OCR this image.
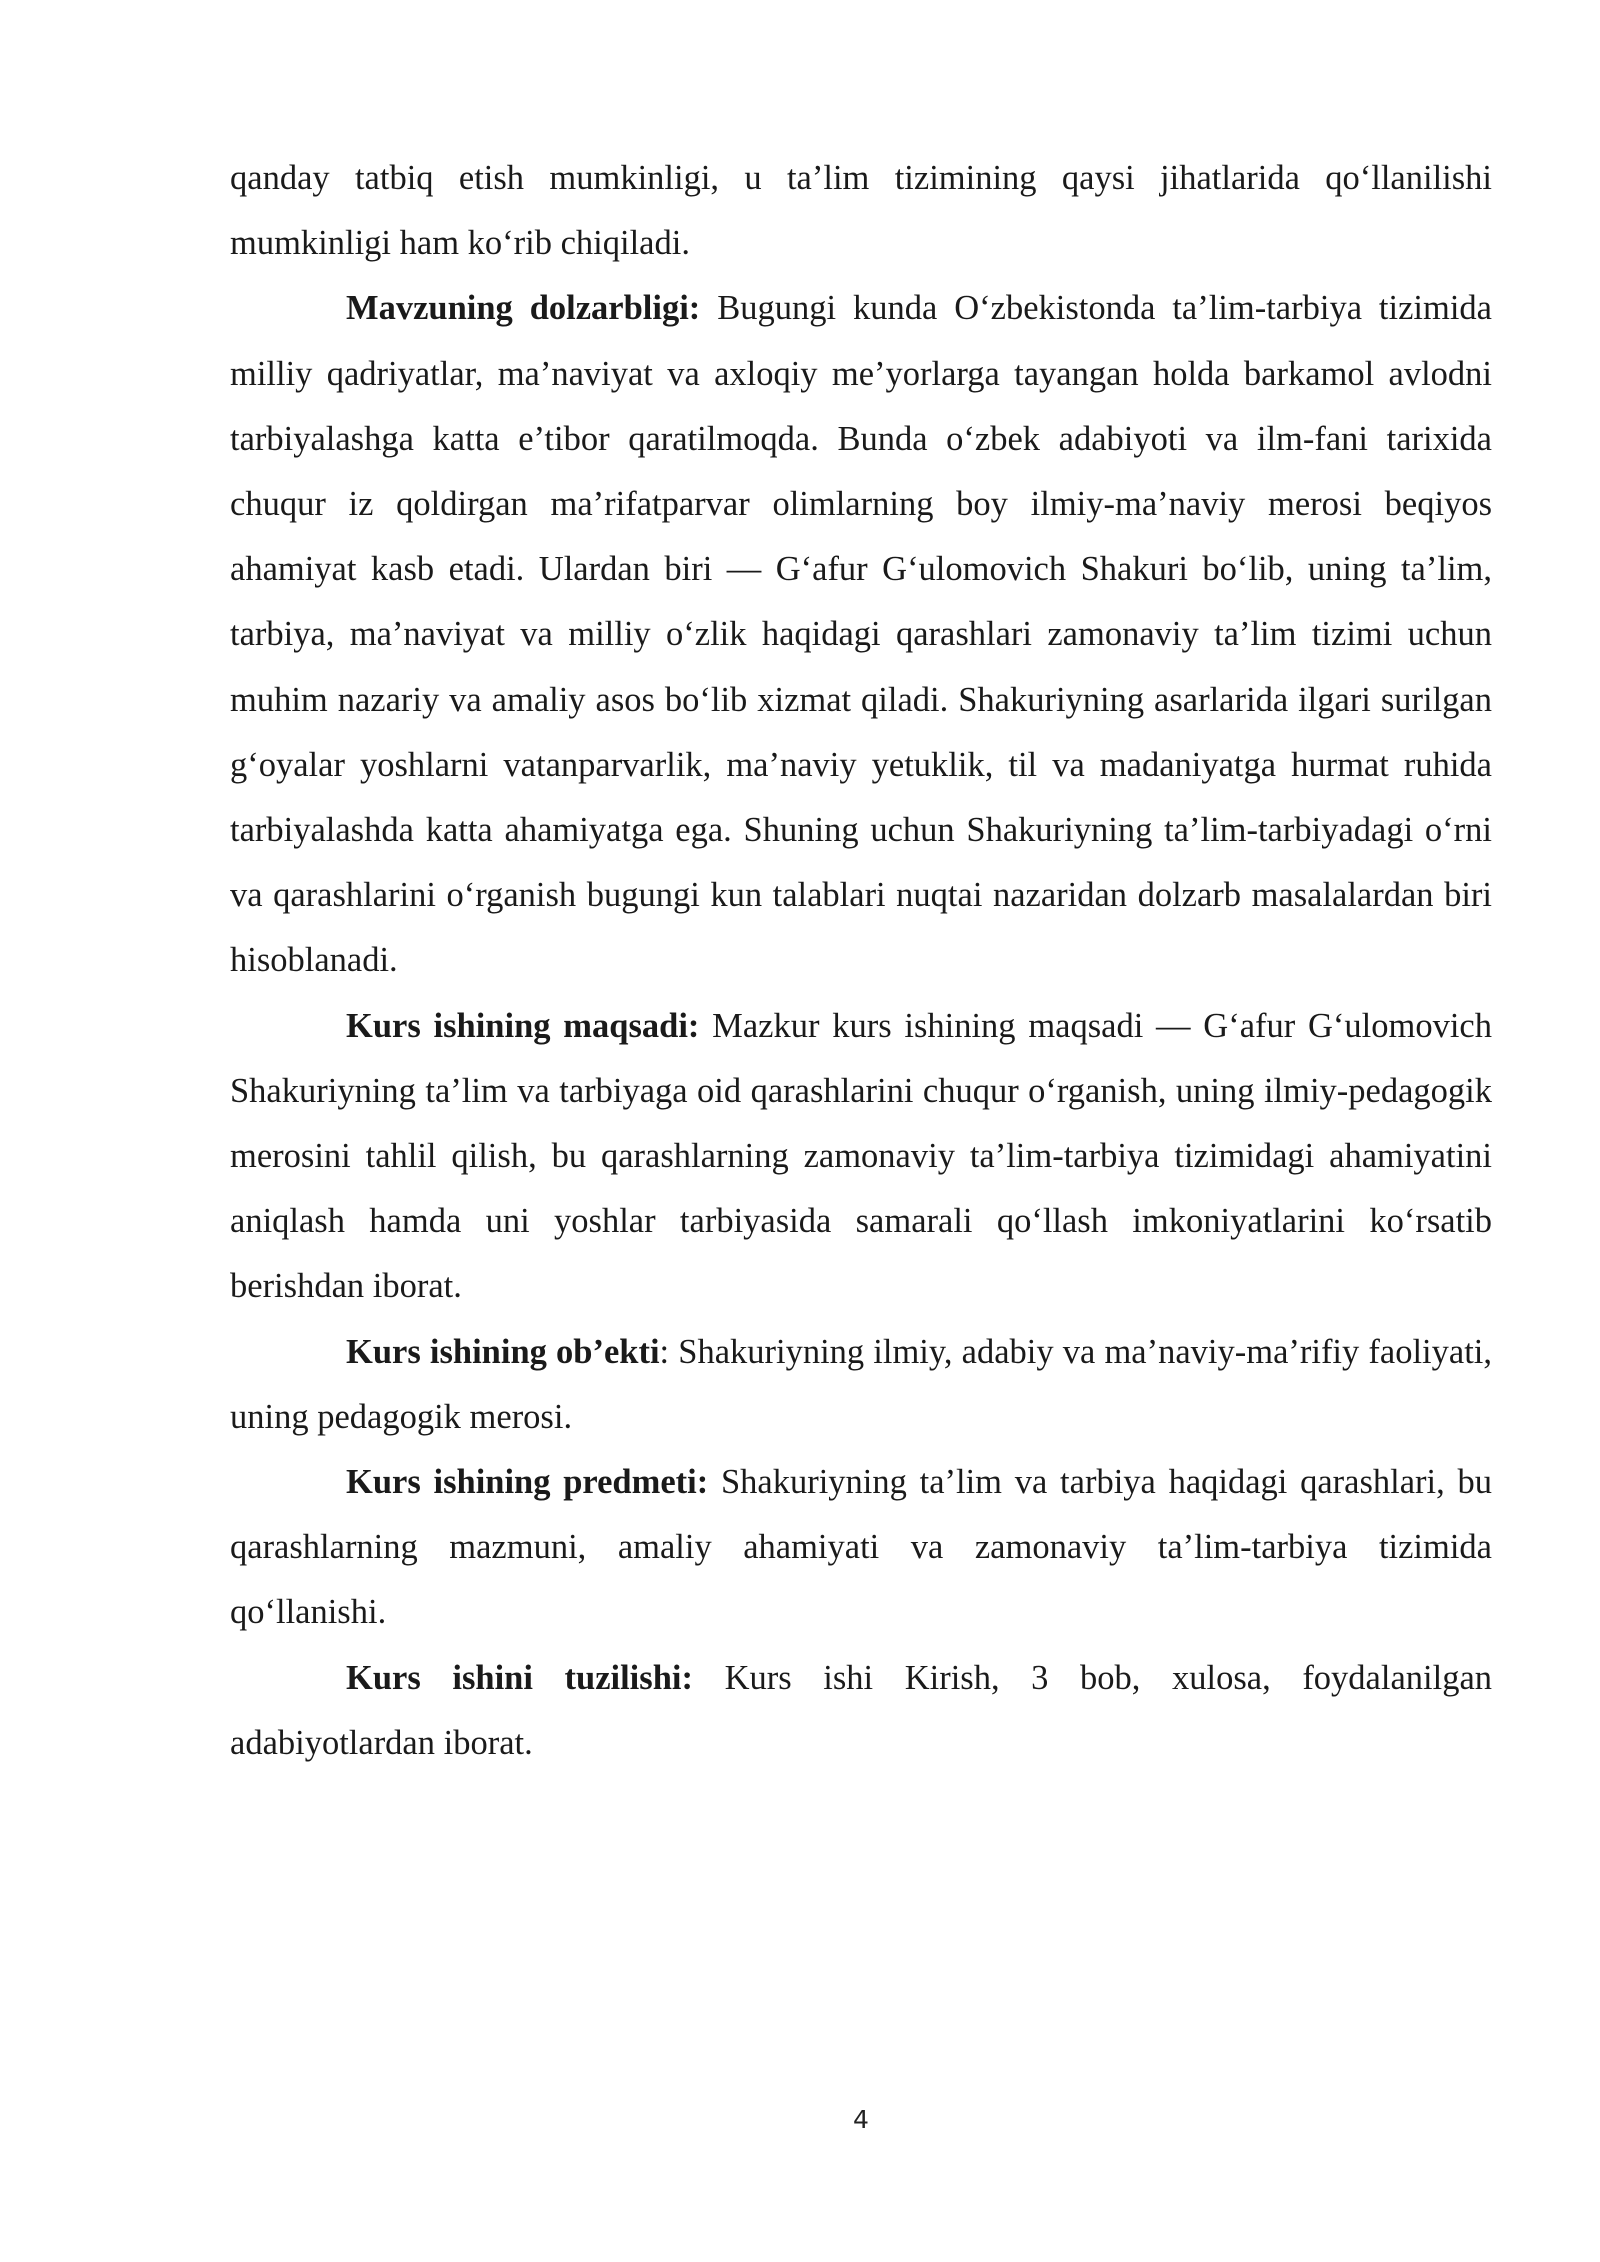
qanday tatbiq etish mumkinligi, u ta’lim tizimining qaysi jihatlarida qo‘llanilishi mumkinligi ham ko‘rib chiqiladi.

Mavzuning dolzarbligi: Bugungi kunda O‘zbekistonda ta’lim-tarbiya tizimida milliy qadriyatlar, ma’naviyat va axloqiy me’yorlarga tayangan holda barkamol avlodni tarbiyalashga katta e’tibor qaratilmoqda. Bunda o‘zbek adabiyoti va ilm-fani tarixida chuqur iz qoldirgan ma’rifatparvar olimlarning boy ilmiy-ma’naviy merosi beqiyos ahamiyat kasb etadi. Ulardan biri — G‘afur G‘ulomovich Shakuri bo‘lib, uning ta’lim, tarbiya, ma’naviyat va milliy o‘zlik haqidagi qarashlari zamonaviy ta’lim tizimi uchun muhim nazariy va amaliy asos bo‘lib xizmat qiladi. Shakuriyning asarlarida ilgari surilgan g‘oyalar yoshlarni vatanparvarlik, ma’naviy yetuklik, til va madaniyatga hurmat ruhida tarbiyalashda katta ahamiyatga ega. Shuning uchun Shakuriyning ta’lim-tarbiyadagi o‘rni va qarashlarini o‘rganish bugungi kun talablari nuqtai nazaridan dolzarb masalalardan biri hisoblanadi.

Kurs ishining maqsadi: Mazkur kurs ishining maqsadi — G‘afur G‘ulomovich Shakuriyning ta’lim va tarbiyaga oid qarashlarini chuqur o‘rganish, uning ilmiy-pedagogik merosini tahlil qilish, bu qarashlarning zamonaviy ta’lim-tarbiya tizimidagi ahamiyatini aniqlash hamda uni yoshlar tarbiyasida samarali qo‘llash imkoniyatlarini ko‘rsatib berishdan iborat.

Kurs ishining ob’ekti: Shakuriyning ilmiy, adabiy va ma’naviy-ma’rifiy faoliyati, uning pedagogik merosi.

Kurs ishining predmeti: Shakuriyning ta’lim va tarbiya haqidagi qarashlari, bu qarashlarning mazmuni, amaliy ahamiyati va zamonaviy ta’lim-tarbiya tizimida qo‘llanishi.

Kurs ishini tuzilishi: Kurs ishi Kirish, 3 bob, xulosa, foydalanilgan adabiyotlardan iborat.

4
